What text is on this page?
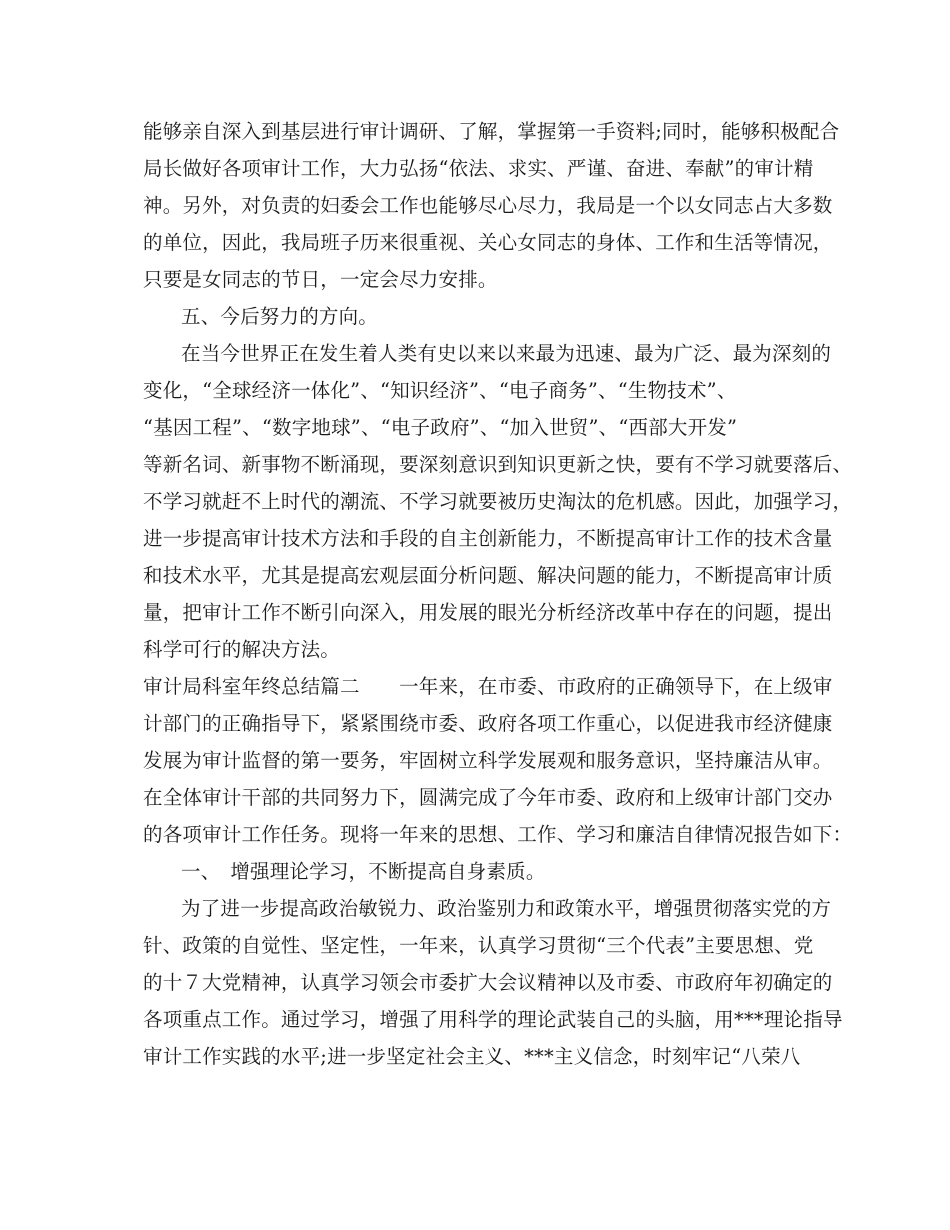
能够亲自深入到基层进行审计调研、了解，掌握第一手资料;同时，能够积极配合
局长做好各项审计工作，大力弘扬“依法、求实、严谨、奋进、奉献”的审计精
神。另外，对负责的妇委会工作也能够尽心尽力，我局是一个以女同志占大多数
的单位，因此，我局班子历来很重视、关心女同志的身体、工作和生活等情况，
只要是女同志的节日，一定会尽力安排。
五、今后努力的方向。
在当今世界正在发生着人类有史以来以来最为迅速、最为广泛、最为深刻的
变化，“全球经济一体化”、“知识经济”、“电子商务”、“生物技术”、
“基因工程”、“数字地球”、“电子政府”、“加入世贸”、“西部大开发”
等新名词、新事物不断涌现，要深刻意识到知识更新之快，要有不学习就要落后、
不学习就赶不上时代的潮流、不学习就要被历史淘汰的危机感。因此，加强学习，
进一步提高审计技术方法和手段的自主创新能力，不断提高审计工作的技术含量
和技术水平，尤其是提高宏观层面分析问题、解决问题的能力，不断提高审计质
量，把审计工作不断引向深入，用发展的眼光分析经济改革中存在的问题，提出
科学可行的解决方法。
审计局科室年终总结篇二　　一年来，在市委、市政府的正确领导下，在上级审
计部门的正确指导下，紧紧围绕市委、政府各项工作重心，以促进我市经济健康
发展为审计监督的第一要务，牢固树立科学发展观和服务意识，坚持廉洁从审。
在全体审计干部的共同努力下，圆满完成了今年市委、政府和上级审计部门交办
的各项审计工作任务。现将一年来的思想、工作、学习和廉洁自律情况报告如下：
一、　增强理论学习，不断提高自身素质。
为了进一步提高政治敏锐力、政治鉴别力和政策水平，增强贯彻落实党的方
针、政策的自觉性、坚定性，一年来，认真学习贯彻“三个代表”主要思想、党
的十７大党精神，认真学习领会市委扩大会议精神以及市委、市政府年初确定的
各项重点工作。通过学习，增强了用科学的理论武装自己的头脑，用***理论指导
审计工作实践的水平;进一步坚定社会主义、***主义信念，时刻牢记“八荣八
